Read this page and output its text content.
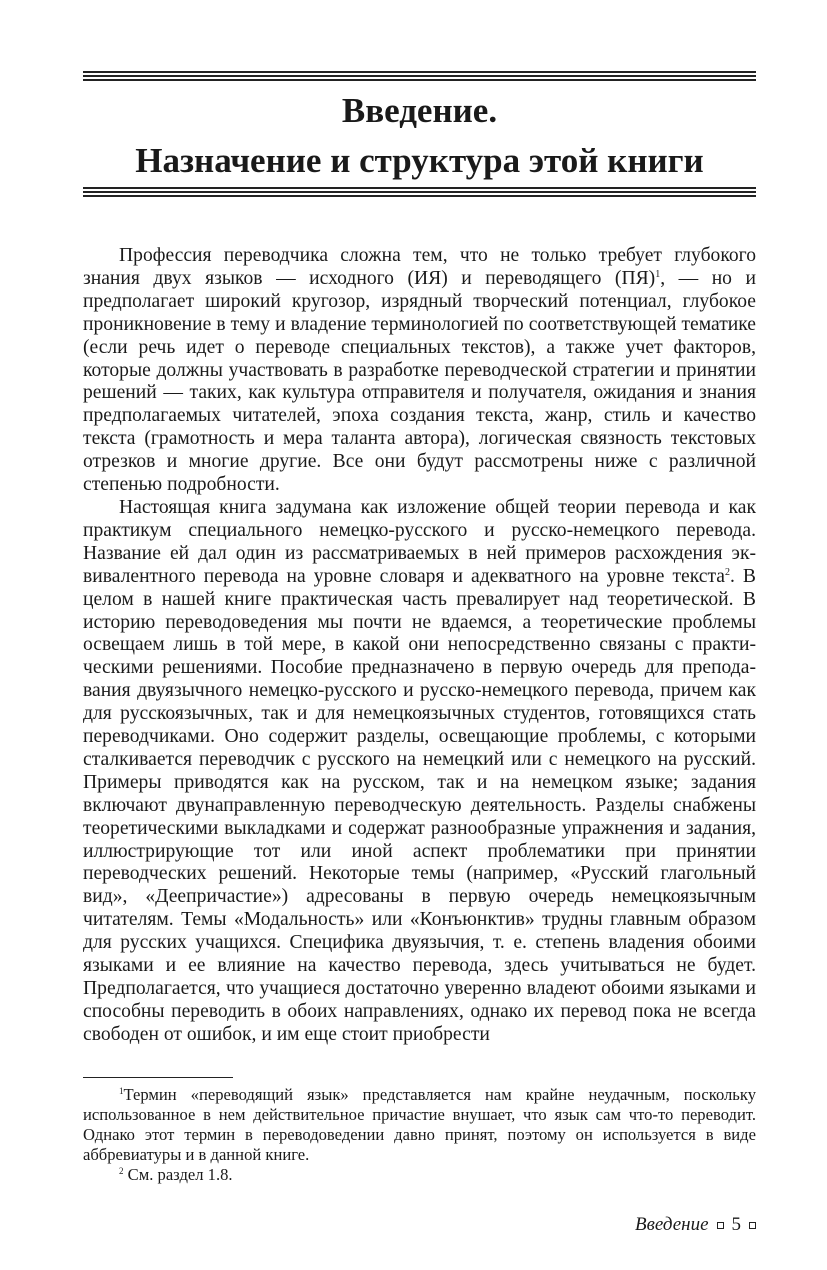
Введение.
Назначение и структура этой книги

Профессия переводчика сложна тем, что не только требует глубокого знания двух языков — исходного (ИЯ) и переводящего (ПЯ)$^1$, — но и предполагает широкий кругозор, изрядный творческий потенциал, глубокое проникновение в тему и владение терминологией по соответствующей тематике (если речь идет о переводе специальных текстов), а также учет факторов, которые должны участвовать в разработке переводческой стратегии и принятии решений — таких, как культура отправителя и получателя, ожидания и знания предполагаемых читателей, эпоха создания текста, жанр, стиль и качество текста (грамотность и мера таланта автора), логическая связность текстовых отрезков и многие другие. Все они будут рассмотрены ниже с различной степенью подробности.

Настоящая книга задумана как изложение общей теории перевода и как практикум специального немецко-русского и русско-немецкого перевода. Название ей дал один из рассматриваемых в ней примеров расхождения эквивалентного перевода на уровне словаря и адекватного на уровне текста$^2$. В целом в нашей книге практическая часть превалирует над теоретической. В историю переводоведения мы почти не вдаемся, а теоретические проблемы освещаем лишь в той мере, в какой они непосредственно связаны с практическими решениями. Пособие предназначено в первую очередь для преподавания двуязычного немецко-русского и русско-немецкого перевода, причем как для русскоязычных, так и для немецкоязычных студентов, готовящихся стать переводчиками. Оно содержит разделы, освещающие проблемы, с которыми сталкивается переводчик с русского на немецкий или с немецкого на русский. Примеры приводятся как на русском, так и на немецком языке; задания включают двунаправленную переводческую деятельность. Разделы снабжены теоретическими выкладками и содержат разнообразные упражнения и задания, иллюстрирующие тот или иной аспект проблематики при принятии переводческих решений. Некоторые темы (например, «Русский глагольный вид», «Деепричастие») адресованы в первую очередь немецкоязычным читателям. Темы «Модальность» или «Конъюнктив» трудны главным образом для русских учащихся. Специфика двуязычия, т. е. степень владения обоими языками и ее влияние на качество перевода, здесь учитываться не будет. Предполагается, что учащиеся достаточно уверенно владеют обоими языками и способны переводить в обоих направлениях, однако их перевод пока не всегда свободен от ошибок, и им еще стоит приобрести

$^1$Термин «переводящий язык» представляется нам крайне неудачным, поскольку использованное в нем действительное причастие внушает, что язык сам что-то переводит. Однако этот термин в переводоведении давно принят, поэтому он используется в виде аббревиатуры и в данной книге.

$^2$ См. раздел 1.8.

Введение 5
